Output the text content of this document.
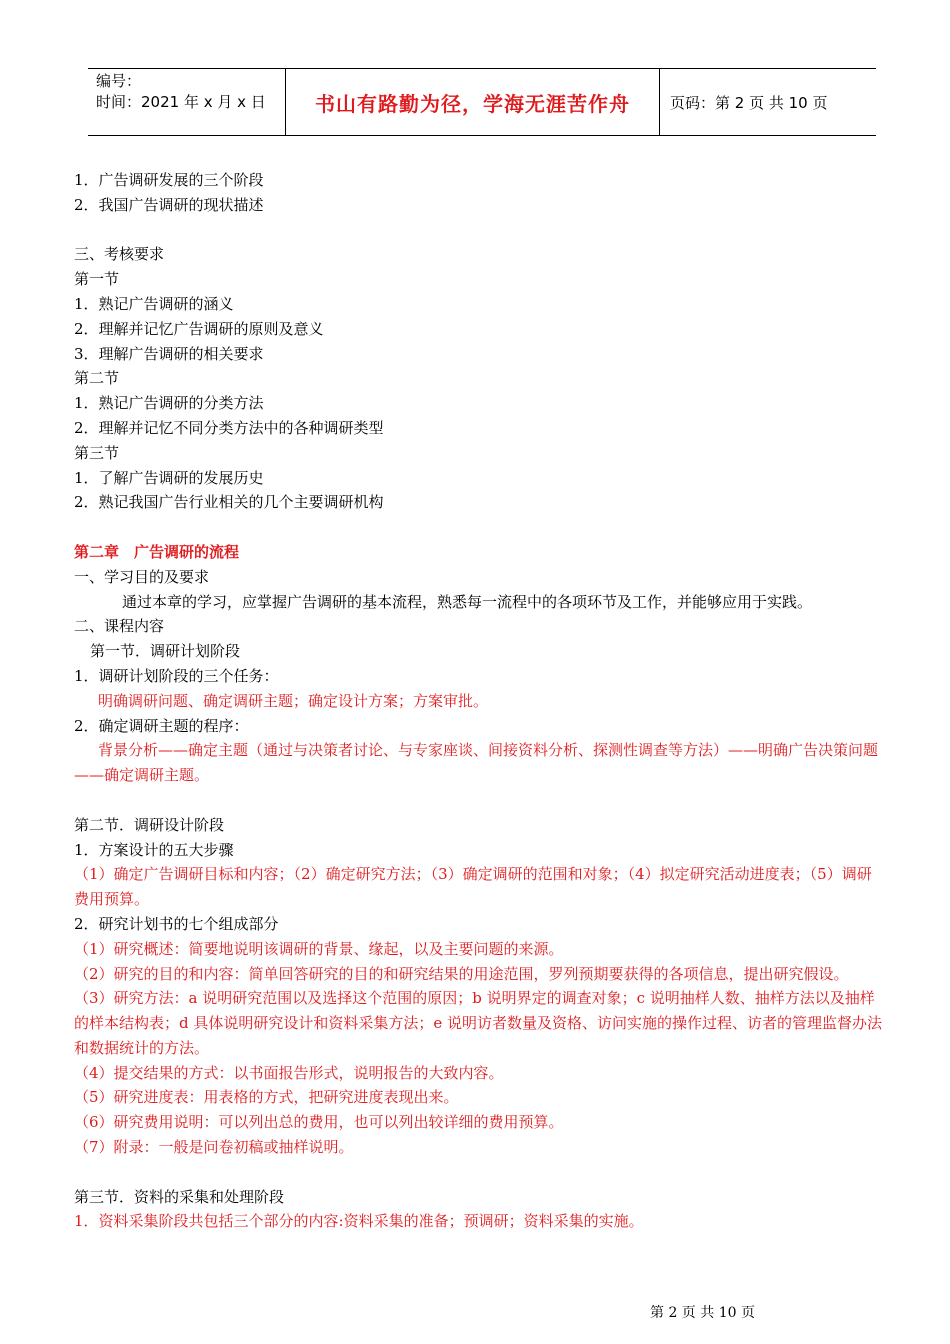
编号：
时间：2021 年 x 月 x 日	书山有路勤为径，学海无涯苦作舟	页码：第 2 页 共 10 页
1．广告调研发展的三个阶段
2．我国广告调研的现状描述
三、考核要求
第一节
1．熟记广告调研的涵义
2．理解并记忆广告调研的原则及意义
3．理解广告调研的相关要求
第二节
1．熟记广告调研的分类方法
2．理解并记忆不同分类方法中的各种调研类型
第三节
1．了解广告调研的发展历史
2．熟记我国广告行业相关的几个主要调研机构
第二章　广告调研的流程
一、学习目的及要求
通过本章的学习，应掌握广告调研的基本流程，熟悉每一流程中的各项环节及工作，并能够应用于实践。
二、课程内容
第一节．调研计划阶段
1．调研计划阶段的三个任务：
明确调研问题、确定调研主题；确定设计方案；方案审批。
2．确定调研主题的程序：
背景分析——确定主题（通过与决策者讨论、与专家座谈、间接资料分析、探测性调查等方法）——明确广告决策问题——确定调研主题。
第二节．调研设计阶段
1．方案设计的五大步骤
（1）确定广告调研目标和内容；（2）确定研究方法；（3）确定调研的范围和对象；（4）拟定研究活动进度表；（5）调研费用预算。
2．研究计划书的七个组成部分
（1）研究概述：简要地说明该调研的背景、缘起，以及主要问题的来源。
（2）研究的目的和内容：简单回答研究的目的和研究结果的用途范围，罗列预期要获得的各项信息，提出研究假设。
（3）研究方法：a 说明研究范围以及选择这个范围的原因；b 说明界定的调查对象；c 说明抽样人数、抽样方法以及抽样的样本结构表；d 具体说明研究设计和资料采集方法；e 说明访者数量及资格、访问实施的操作过程、访者的管理监督办法和数据统计的方法。
（4）提交结果的方式：以书面报告形式，说明报告的大致内容。
（5）研究进度表：用表格的方式，把研究进度表现出来。
（6）研究费用说明：可以列出总的费用，也可以列出较详细的费用预算。
（7）附录：一般是问卷初稿或抽样说明。
第三节．资料的采集和处理阶段
1．资料采集阶段共包括三个部分的内容:资料采集的准备；预调研；资料采集的实施。
第 2 页 共 10 页
